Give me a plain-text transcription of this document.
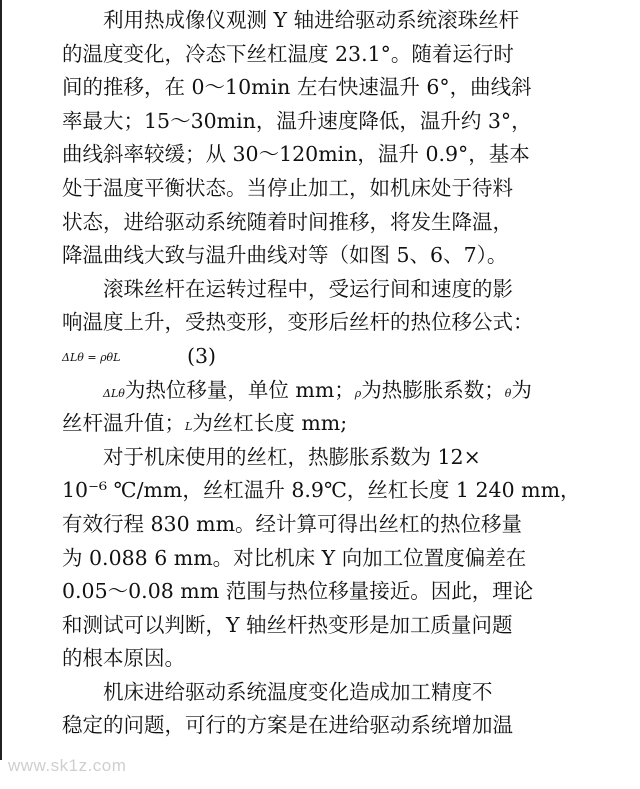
利用热成像仪观测 Y 轴进给驱动系统滚珠丝杆
的温度变化，冷态下丝杠温度 23.1°。随着运行时
间的推移，在 0～10min 左右快速温升 6°，曲线斜
率最大；15～30min，温升速度降低，温升约 3°，
曲线斜率较缓；从 30～120min，温升 0.9°，基本
处于温度平衡状态。当停止加工，如机床处于待料
状态，进给驱动系统随着时间推移，将发生降温，
降温曲线大致与温升曲线对等（如图 5、6、7）。
滚珠丝杆在运转过程中，受运行间和速度的影
响温度上升，受热变形，变形后丝杆的热位移公式：
ΔLθ = ρθL	(3)
ΔLθ为热位移量，单位 mm；ρ为热膨胀系数；θ为
丝杆温升值；L为丝杠长度 mm;
对于机床使用的丝杠，热膨胀系数为 12×
10⁻⁶ ℃/mm，丝杠温升 8.9℃，丝杠长度 1 240 mm，
有效行程 830 mm。经计算可得出丝杠的热位移量
为 0.088 6 mm。对比机床 Y 向加工位置度偏差在
0.05～0.08 mm 范围与热位移量接近。因此，理论
和测试可以判断，Y 轴丝杆热变形是加工质量问题
的根本原因。
机床进给驱动系统温度变化造成加工精度不
稳定的问题，可行的方案是在进给驱动系统增加温
www.sk1z.com
